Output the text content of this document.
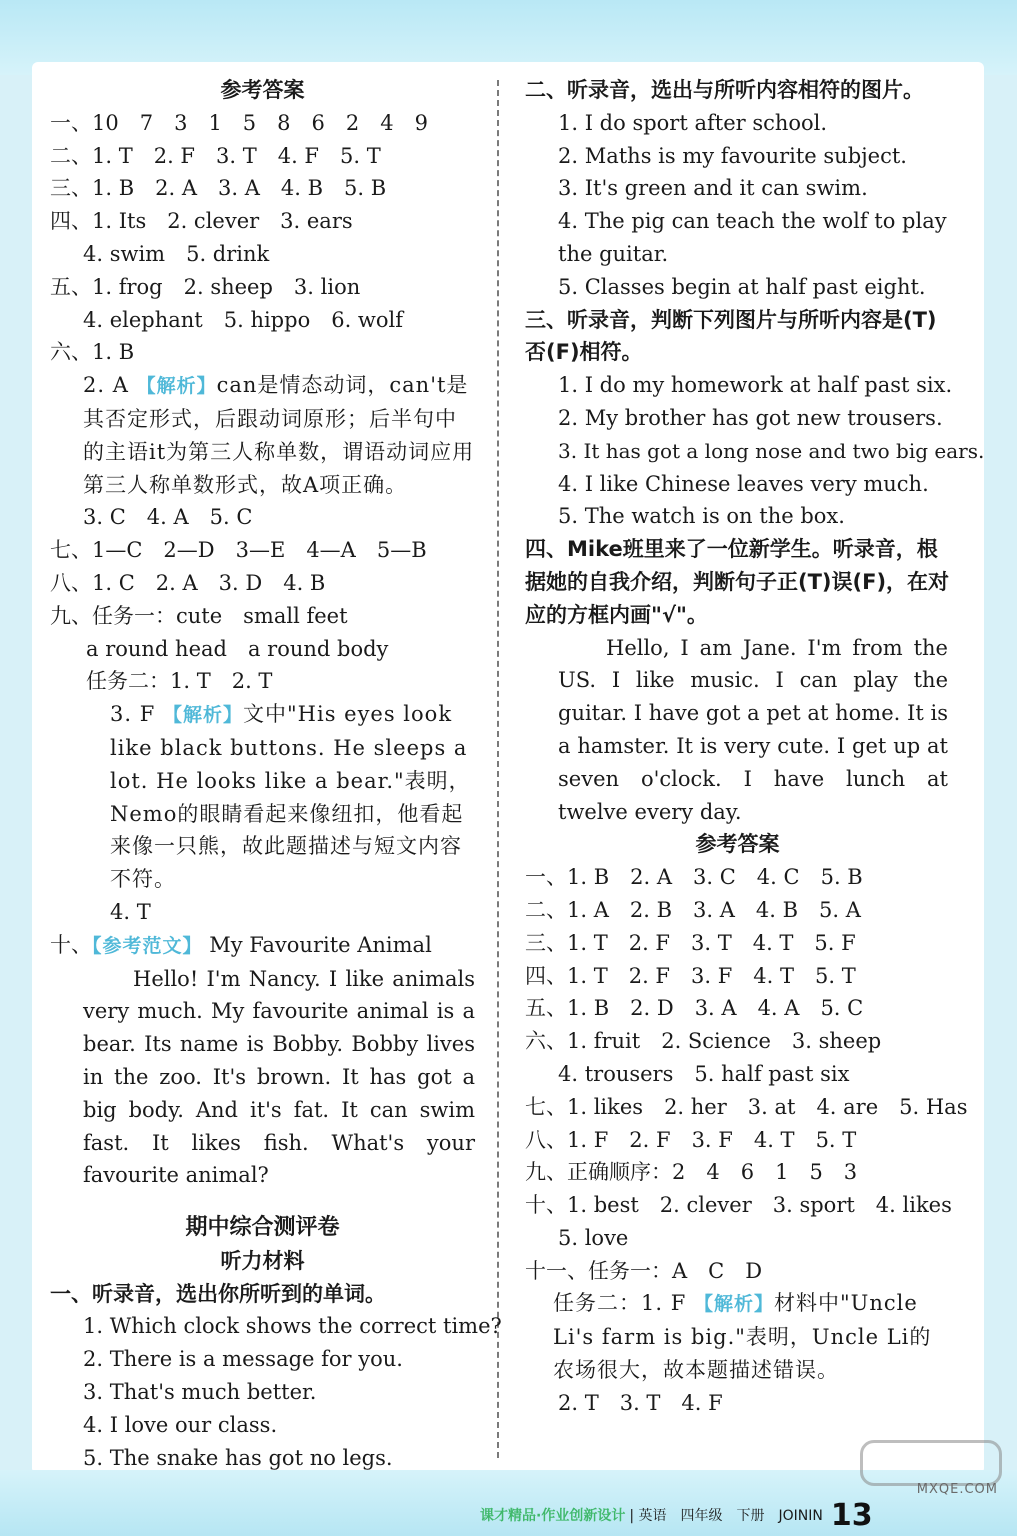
参考答案
一、10　7　3　1　5　8　6　2　4　9
二、1. T　2. F　3. T　4. F　5. T
三、1. B　2. A　3. A　4. B　5. B
四、1. Its　2. clever　3. ears
4. swim　5. drink
五、1. frog　2. sheep　3. lion
4. elephant　5. hippo　6. wolf
六、1. B
2. A 【解析】can是情态动词，can't是其否定形式，后跟动词原形；后半句中的主语it为第三人称单数，谓语动词应用第三人称单数形式，故A项正确。
3. C　4. A　5. C
七、1—C　2—D　3—E　4—A　5—B
八、1. C　2. A　3. D　4. B
九、任务一：cute　small feet
a round head　a round body
任务二：1. T　2. T
3. F 【解析】文中"His eyes look like black buttons. He sleeps a lot. He looks like a bear."表明，Nemo的眼睛看起来像纽扣，他看起来像一只熊，故此题描述与短文内容不符。
4. T
十、【参考范文】 My Favourite Animal
Hello! I'm Nancy. I like animals very much. My favourite animal is a bear. Its name is Bobby. Bobby lives in the zoo. It's brown. It has got a big body. And it's fat. It can swim fast. It likes fish. What's your favourite animal?
期中综合测评卷
听力材料
一、听录音，选出你所听到的单词。
1. Which clock shows the correct time?
2. There is a message for you.
3. That's much better.
4. I love our class.
5. The snake has got no legs.
二、听录音，选出与所听内容相符的图片。
1. I do sport after school.
2. Maths is my favourite subject.
3. It's green and it can swim.
4. The pig can teach the wolf to play the guitar.
5. Classes begin at half past eight.
三、听录音，判断下列图片与所听内容是(T)否(F)相符。
1. I do my homework at half past six.
2. My brother has got new trousers.
3. It has got a long nose and two big ears.
4. I like Chinese leaves very much.
5. The watch is on the box.
四、Mike班里来了一位新学生。听录音，根据她的自我介绍，判断句子正(T)误(F)，在对应的方框内画"√"。
Hello, I am Jane. I'm from the US. I like music. I can play the guitar. I have got a pet at home. It is a hamster. It is very cute. I get up at seven o'clock. I have lunch at twelve every day.
参考答案
一、1. B　2. A　3. C　4. C　5. B
二、1. A　2. B　3. A　4. B　5. A
三、1. T　2. F　3. T　4. T　5. F
四、1. T　2. F　3. F　4. T　5. T
五、1. B　2. D　3. A　4. A　5. C
六、1. fruit　2. Science　3. sheep
4. trousers　5. half past six
七、1. likes　2. her　3. at　4. are　5. Has
八、1. F　2. F　3. F　4. T　5. T
九、正确顺序：2　4　6　1　5　3
十、1. best　2. clever　3. sport　4. likes
5. love
十一、任务一：A　C　D
任务二：1. F 【解析】材料中"Uncle Li's farm is big."表明，Uncle Li的农场很大，故本题描述错误。
2. T　3. T　4. F
MXQE.COM
课才精品·作业创新设计 | 英语　四年级　下册　JOININ 13
